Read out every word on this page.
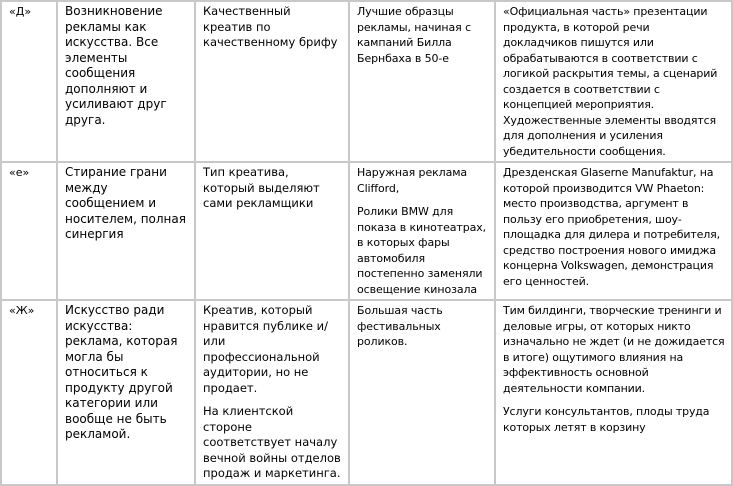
«Д»	Возникновение рекламы как искусства. Все элементы сообщения дополняют и усиливают друг друга.	Качественный креатив по качественному брифу	Лучшие образцы рекламы, начиная с кампаний Билла Бернбаха в 50-е	«Официальная часть» презентации продукта, в которой речи докладчиков пишутся или обрабатываются в соответствии с логикой раскрытия темы, а сценарий создается в соответствии с концепцией мероприятия. Художественные элементы вводятся для дополнения и усиления убедительности сообщения.

«е»	Стирание грани между сообщением и носителем, полная синергия	Тип креатива, который выделяют сами рекламщики	Наружная реклама Clifford,
Ролики BMW для показа в кинотеатрах, в которых фары автомобиля постепенно заменяли освещение кинозала	Дрезденская Glaserne Manufaktur, на которой производится VW Phaeton: место производства, аргумент в пользу его приобретения, шоу-площадка для дилера и потребителя, средство построения нового имиджа концерна Volkswagen, демонстрация его ценностей.

«Ж»	Искусство ради искусства: реклама, которая могла бы относиться к продукту другой категории или вообще не быть рекламой.	Креатив, который нравится публике и/или профессиональной аудитории, но не продает.
На клиентской стороне соответствует началу вечной войны отделов продаж и маркетинга.	Большая часть фестивальных роликов.	Тим билдинги, творческие тренинги и деловые игры, от которых никто изначально не ждет (и не дожидается в итоге) ощутимого влияния на эффективность основной деятельности компании.
Услуги консультантов, плоды труда которых летят в корзину
